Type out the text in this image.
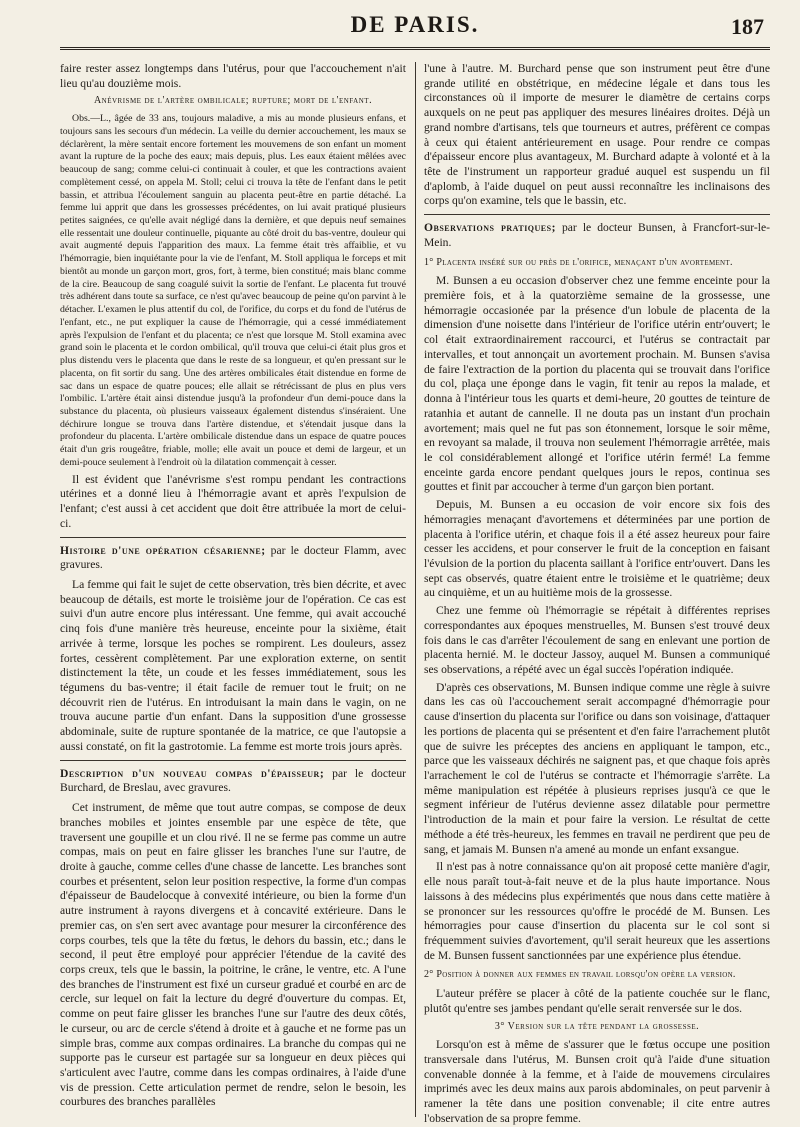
DE PARIS.	187

faire rester assez longtemps dans l'utérus, pour que l'accouchement n'ait lieu qu'au douzième mois.

Anévrisme de l'artère ombilicale; rupture; mort de l'enfant.

Obs.—L., âgée de 33 ans, toujours maladive, a mis au monde plusieurs enfans, et toujours sans les secours d'un médecin. La veille du dernier accouchement, les maux se déclarèrent, la mère sentait encore fortement les mouvemens de son enfant un moment avant la rupture de la poche des eaux; mais depuis, plus. Les eaux étaient mêlées avec beaucoup de sang; comme celui-ci continuait à couler, et que les contractions avaient complètement cessé, on appela M. Stoll; celui ci trouva la tête de l'enfant dans le petit bassin, et attribua l'écoulement sanguin au placenta peut-être en partie détaché. La femme lui apprit que dans les grossesses précédentes, on lui avait pratiqué plusieurs petites saignées, ce qu'elle avait négligé dans la dernière, et que depuis neuf semaines elle ressentait une douleur continuelle, piquante au côté droit du bas-ventre, douleur qui avait augmenté depuis l'apparition des maux. La femme était très affaiblie, et vu l'hémorragie, bien inquiétante pour la vie de l'enfant, M. Stoll appliqua le forceps et mit bientôt au monde un garçon mort, gros, fort, à terme, bien constitué; mais blanc comme de la cire. Beaucoup de sang coagulé suivit la sortie de l'enfant. Le placenta fut trouvé très adhérent dans toute sa surface, ce n'est qu'avec beaucoup de peine qu'on parvint à le détacher. L'examen le plus attentif du col, de l'orifice, du corps et du fond de l'utérus de l'enfant, etc., ne put expliquer la cause de l'hémorragie, qui a cessé immédiatement après l'expulsion de l'enfant et du placenta; ce n'est que lorsque M. Stoll examina avec grand soin le placenta et le cordon ombilical, qu'il trouva que celui-ci était plus gros et plus distendu vers le placenta que dans le reste de sa longueur, et qu'en pressant sur le placenta, on fit sortir du sang. Une des artères ombilicales était distendue en forme de sac dans un espace de quatre pouces; elle allait se rétrécissant de plus en plus vers l'ombilic. L'artère était ainsi distendue jusqu'à la profondeur d'un demi-pouce dans la substance du placenta, où plusieurs vaisseaux également distendus s'inséraient. Une déchirure longue se trouva dans l'artère distendue, et s'étendait jusque dans la profondeur du placenta. L'artère ombilicale distendue dans un espace de quatre pouces était d'un gris rougeâtre, friable, molle; elle avait un pouce et demi de largeur, et un demi-pouce seulement à l'endroit où la dilatation commençait à cesser.

Il est évident que l'anévrisme s'est rompu pendant les contractions utérines et a donné lieu à l'hémorragie avant et après l'expulsion de l'enfant; c'est aussi à cet accident que doit être attribuée la mort de celui-ci.

Histoire d'une opération césarienne; par le docteur Flamm, avec gravures.

La femme qui fait le sujet de cette observation, très bien décrite, et avec beaucoup de détails, est morte le troisième jour de l'opération. Ce cas est suivi d'un autre encore plus intéressant. Une femme, qui avait accouché cinq fois d'une manière très heureuse, enceinte pour la sixième, était arrivée à terme, lorsque les poches se rompirent. Les douleurs, assez fortes, cessèrent complètement. Par une exploration externe, on sentit distinctement la tête, un coude et les fesses immédiatement, sous les tégumens du bas-ventre; il était facile de remuer tout le fruit; on ne découvrit rien de l'utérus. En introduisant la main dans le vagin, on ne trouva aucune partie d'un enfant. Dans la supposition d'une grossesse abdominale, suite de rupture spontanée de la matrice, ce que l'autopsie a aussi constaté, on fit la gastrotomie. La femme est morte trois jours après.

Description d'un nouveau compas d'épaisseur; par le docteur Burchard, de Breslau, avec gravures.

Cet instrument, de même que tout autre compas, se compose de deux branches mobiles et jointes ensemble par une espèce de tête, que traversent une goupille et un clou rivé. Il ne se ferme pas comme un autre compas, mais on peut en faire glisser les branches l'une sur l'autre, de droite à gauche, comme celles d'une chasse de lancette. Les branches sont courbes et présentent, selon leur position respective, la forme d'un compas d'épaisseur de Baudelocque à convexité intérieure, ou bien la forme d'un autre instrument à rayons divergens et à concavité extérieure. Dans le premier cas, on s'en sert avec avantage pour mesurer la circonférence des corps courbes, tels que la tête du fœtus, le dehors du bassin, etc.; dans le second, il peut être employé pour apprécier l'étendue de la cavité des corps creux, tels que le bassin, la poitrine, le crâne, le ventre, etc. A l'une des branches de l'instrument est fixé un curseur gradué et courbé en arc de cercle, sur lequel on fait la lecture du degré d'ouverture du compas. Et, comme on peut faire glisser les branches l'une sur l'autre des deux côtés, le curseur, ou arc de cercle s'étend à droite et à gauche et ne forme pas un simple bras, comme aux compas ordinaires. La branche du compas qui ne supporte pas le curseur est partagée sur sa longueur en deux pièces qui s'articulent avec l'autre, comme dans les compas ordinaires, à l'aide d'une vis de pression. Cette articulation permet de rendre, selon le besoin, les courbures des branches parallèles

l'une à l'autre. M. Burchard pense que son instrument peut être d'une grande utilité en obstétrique, en médecine légale et dans tous les circonstances où il importe de mesurer le diamètre de certains corps auxquels on ne peut pas appliquer des mesures linéaires droites. Déjà un grand nombre d'artisans, tels que tourneurs et autres, préfèrent ce compas à ceux qui étaient antérieurement en usage. Pour rendre ce compas d'épaisseur encore plus avantageux, M. Burchard adapte à volonté et à la tête de l'instrument un rapporteur gradué auquel est suspendu un fil d'aplomb, à l'aide duquel on peut aussi reconnaître les inclinaisons des corps qu'on examine, tels que le bassin, etc.

Observations pratiques; par le docteur Bunsen, à Francfort-sur-le-Mein.

1° Placenta inséré sur ou près de l'orifice, menaçant d'un avortement.

M. Bunsen a eu occasion d'observer chez une femme enceinte pour la première fois, et à la quatorzième semaine de la grossesse, une hémorragie occasionée par la présence d'un lobule de placenta de la dimension d'une noisette dans l'intérieur de l'orifice utérin entr'ouvert; le col était extraordinairement raccourci, et l'utérus se contractait par intervalles, et tout annonçait un avortement prochain. M. Bunsen s'avisa de faire l'extraction de la portion du placenta qui se trouvait dans l'orifice du col, plaça une éponge dans le vagin, fit tenir au repos la malade, et donna à l'intérieur tous les quarts et demi-heure, 20 gouttes de teinture de ratanhia et autant de cannelle. Il ne douta pas un instant d'un prochain avortement; mais quel ne fut pas son étonnement, lorsque le soir même, en revoyant sa malade, il trouva non seulement l'hémorragie arrêtée, mais le col considérablement allongé et l'orifice utérin fermé! La femme enceinte garda encore pendant quelques jours le repos, continua ses gouttes et finit par accoucher à terme d'un garçon bien portant.

Depuis, M. Bunsen a eu occasion de voir encore six fois des hémorragies menaçant d'avortemens et déterminées par une portion de placenta à l'orifice utérin, et chaque fois il a été assez heureux pour faire cesser les accidens, et pour conserver le fruit de la conception en faisant l'évulsion de la portion du placenta saillant à l'orifice entr'ouvert. Dans les sept cas observés, quatre étaient entre le troisième et le quatrième; deux au cinquième, et un au huitième mois de la grossesse.

Chez une femme où l'hémorragie se répétait à différentes reprises correspondantes aux époques menstruelles, M. Bunsen s'est trouvé deux fois dans le cas d'arrêter l'écoulement de sang en enlevant une portion de placenta hernié. M. le docteur Jassoy, auquel M. Bunsen a communiqué ses observations, a répété avec un égal succès l'opération indiquée.

D'après ces observations, M. Bunsen indique comme une règle à suivre dans les cas où l'accouchement serait accompagné d'hémorragie pour cause d'insertion du placenta sur l'orifice ou dans son voisinage, d'attaquer les portions de placenta qui se présentent et d'en faire l'arrachement plutôt que de suivre les préceptes des anciens en appliquant le tampon, etc., parce que les vaisseaux déchirés ne saignent pas, et que chaque fois après l'arrachement le col de l'utérus se contracte et l'hémorragie s'arrête. La même manipulation est répétée à plusieurs reprises jusqu'à ce que le segment inférieur de l'utérus devienne assez dilatable pour permettre l'introduction de la main et pour faire la version. Le résultat de cette méthode a été très-heureux, les femmes en travail ne perdirent que peu de sang, et jamais M. Bunsen n'a amené au monde un enfant exsangue.

Il n'est pas à notre connaissance qu'on ait proposé cette manière d'agir, elle nous paraît tout-à-fait neuve et de la plus haute importance. Nous laissons à des médecins plus expérimentés que nous dans cette matière à se prononcer sur les ressources qu'offre le procédé de M. Bunsen. Les hémorragies pour cause d'insertion du placenta sur le col sont si fréquemment suivies d'avortement, qu'il serait heureux que les assertions de M. Bunsen fussent sanctionnées par une expérience plus étendue.

2° Position à donner aux femmes en travail lorsqu'on opère la version.

L'auteur préfère se placer à côté de la patiente couchée sur le flanc, plutôt qu'entre ses jambes pendant qu'elle serait renversée sur le dos.

3° Version sur la tête pendant la grossesse.

Lorsqu'on est à même de s'assurer que le fœtus occupe une position transversale dans l'utérus, M. Bunsen croit qu'à l'aide d'une situation convenable donnée à la femme, et à l'aide de mouvemens circulaires imprimés avec les deux mains aux parois abdominales, on peut parvenir à ramener la tête dans une position convenable; il cite entre autres l'observation de sa propre femme.
